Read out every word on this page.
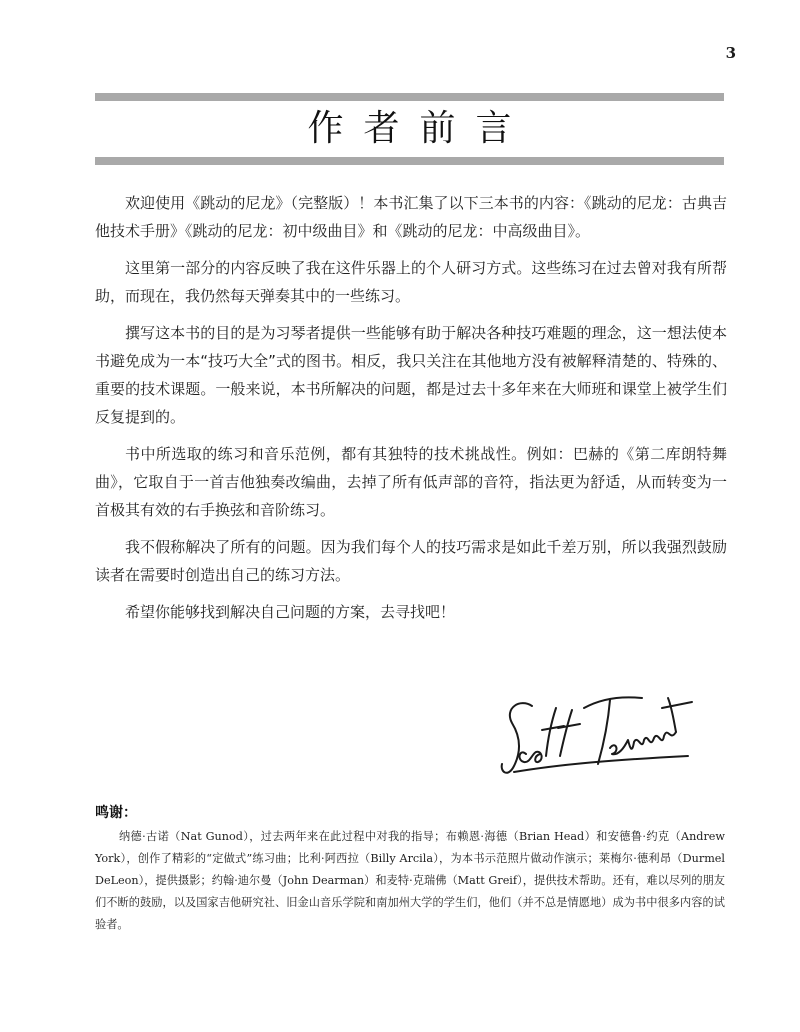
3
作者前言

欢迎使用《跳动的尼龙》（完整版）！本书汇集了以下三本书的内容：《跳动的尼龙：古典吉他技术手册》《跳动的尼龙：初中级曲目》和《跳动的尼龙：中高级曲目》。

这里第一部分的内容反映了我在这件乐器上的个人研习方式。这些练习在过去曾对我有所帮助，而现在，我仍然每天弹奏其中的一些练习。

撰写这本书的目的是为习琴者提供一些能够有助于解决各种技巧难题的理念，这一想法使本书避免成为一本“技巧大全”式的图书。相反，我只关注在其他地方没有被解释清楚的、特殊的、重要的技术课题。一般来说，本书所解决的问题，都是过去十多年来在大师班和课堂上被学生们反复提到的。

书中所选取的练习和音乐范例，都有其独特的技术挑战性。例如：巴赫的《第二库朗特舞曲》，它取自于一首吉他独奏改编曲，去掉了所有低声部的音符，指法更为舒适，从而转变为一首极其有效的右手换弦和音阶练习。

我不假称解决了所有的问题。因为我们每个人的技巧需求是如此千差万别，所以我强烈鼓励读者在需要时创造出自己的练习方法。

希望你能够找到解决自己问题的方案，去寻找吧！

鸣谢：

纳德·古诺（Nat Gunod），过去两年来在此过程中对我的指导；布赖恩·海德（Brian Head）和安德鲁·约克（Andrew York），创作了精彩的“定做式”练习曲；比利·阿西拉（Billy Arcila），为本书示范照片做动作演示；莱梅尔·德利昂（Durmel DeLeon），提供摄影；约翰·迪尔曼（John Dearman）和麦特·克瑞佛（Matt Greif），提供技术帮助。还有，难以尽列的朋友们不断的鼓励，以及国家吉他研究社、旧金山音乐学院和南加州大学的学生们，他们（并不总是情愿地）成为书中很多内容的试验者。
